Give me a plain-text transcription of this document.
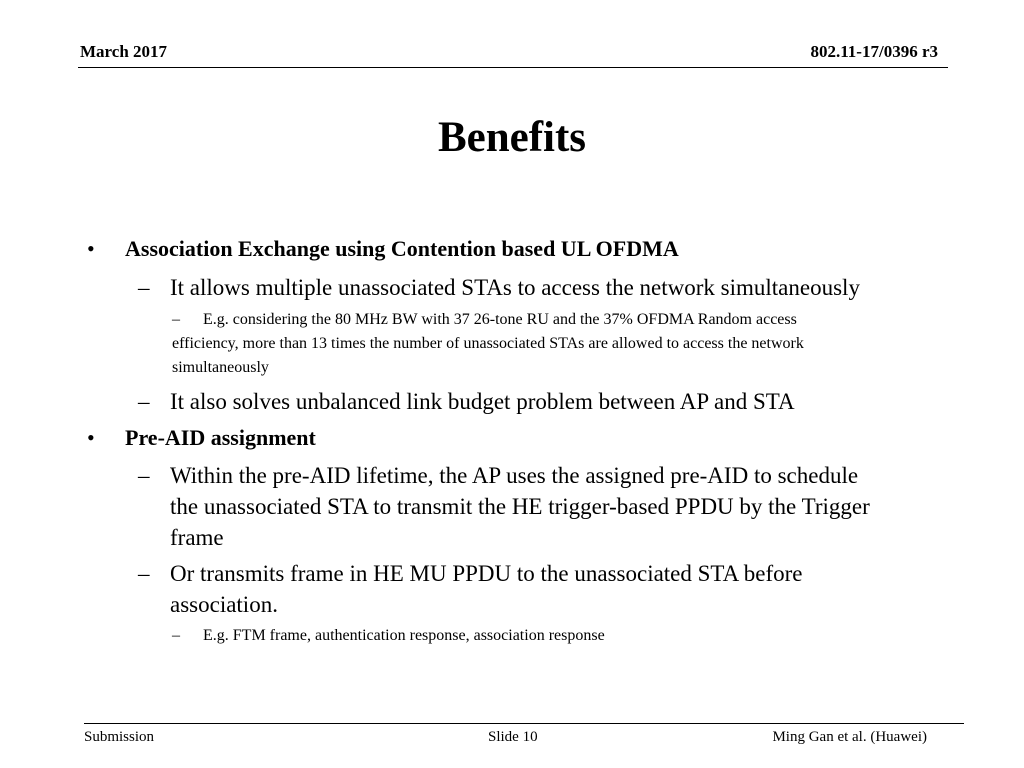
March 2017	802.11-17/0396 r3
Benefits
• Association Exchange using Contention based UL OFDMA
– It allows multiple unassociated STAs to access the network simultaneously
– E.g. considering the 80 MHz BW with 37 26-tone RU and the 37% OFDMA Random access
efficiency, more than 13 times the number of unassociated STAs are allowed to access the network
simultaneously
– It also solves unbalanced link budget problem between AP and STA
• Pre-AID assignment
– Within the pre-AID lifetime, the AP uses the assigned pre-AID to schedule
the unassociated STA to transmit the HE trigger-based PPDU by the Trigger
frame
– Or transmits frame in HE MU PPDU to the unassociated STA before
association.
– E.g. FTM frame, authentication response, association response
Submission	Slide 10	Ming Gan et al. (Huawei)
